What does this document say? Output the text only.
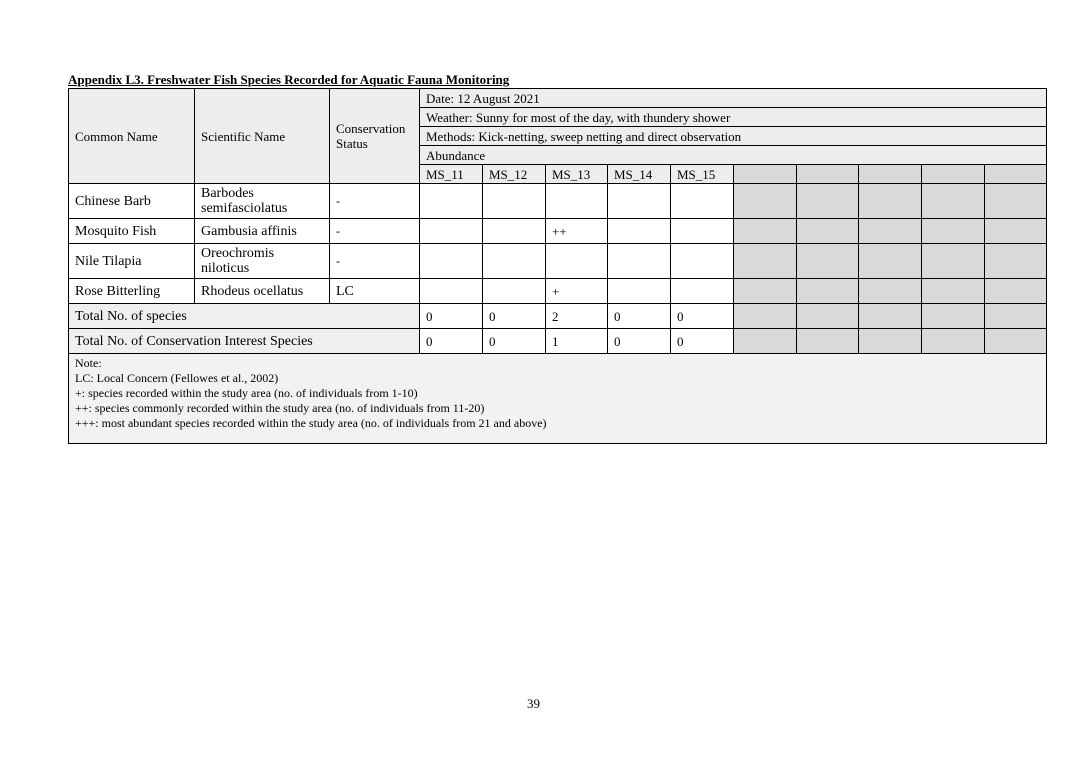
Appendix L3. Freshwater Fish Species Recorded for Aquatic Fauna Monitoring
Common Name	Scientific Name	Conservation Status	Date: 12 August 2021									
			Weather: Sunny for most of the day, with thundery shower									
			Methods: Kick-netting, sweep netting and direct observation									
			Abundance									
			MS_11	MS_12	MS_13	MS_14	MS_15					
Chinese Barb	Barbodes semifasciolatus	-										
Mosquito Fish	Gambusia affinis	-			++							
Nile Tilapia	Oreochromis niloticus	-										
Rose Bitterling	Rhodeus ocellatus	LC			+							
Total No. of species			0	0	2	0	0					
Total No. of Conservation Interest Species			0	0	1	0	0					

Note:
LC: Local Concern (Fellowes et al., 2002)
+: species recorded within the study area (no. of individuals from 1-10)
++: species commonly recorded within the study area (no. of individuals from 11-20)
+++: most abundant species recorded within the study area (no. of individuals from 21 and above)												
39
